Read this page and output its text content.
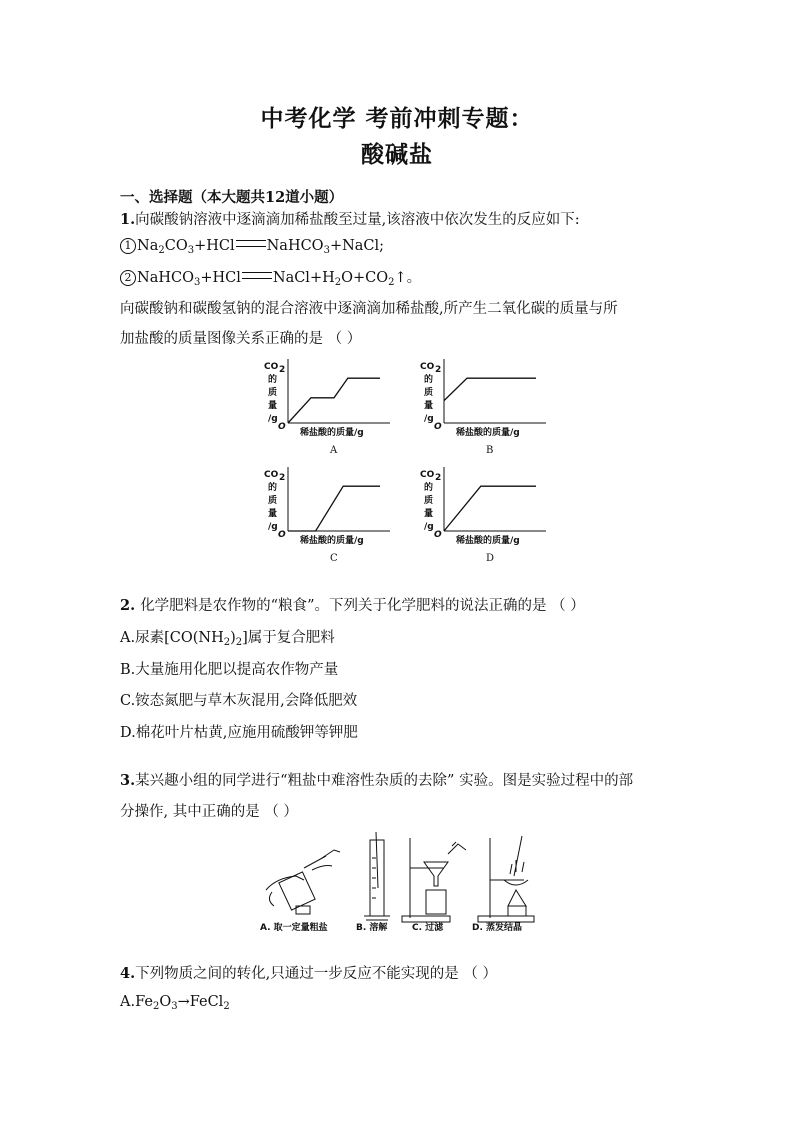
中考化学 考前冲刺专题：
酸碱盐
一、选择题（本大题共12道小题）
1.向碳酸钠溶液中逐滴滴加稀盐酸至过量,该溶液中依次发生的反应如下:
1 $Na_2CO_3+HCl$ NaHCO$_3$+NaCl;
2 NaHCO$_3$+HCl $NaCl+H_2O+CO_2↑$。
向碳酸钠和碳酸氢钠的混合溶液中逐滴滴加稀盐酸,所产生二氧化碳的质量与所
加盐酸的质量图像关系正确的是 （ ）
CO 2
的
质
量
/g
O
稀盐酸的质量/g
A
CO 2
的
质
量
/g
O
稀盐酸的质量/g
B
CO 2
的
质
量
/g
O
稀盐酸的质量/g
C
CO 2
的
质
量
/g
O
稀盐酸的质量/g
D
2. 化学肥料是农作物的“粮食”。下列关于化学肥料的说法正确的是 （ ）
A.尿素$[CO(NH_2)_2]$属于复合肥料
B.大量施用化肥以提高农作物产量
C.铵态氮肥与草木灰混用,会降低肥效
D.棉花叶片枯黄,应施用硫酸钾等钾肥
3.某兴趣小组的同学进行“粗盐中难溶性杂质的去除” 实验。图是实验过程中的部
分操作, 其中正确的是 （ ）
A. 取一定量粗盐	B. 溶解	C. 过滤	D. 蒸发结晶
4.下列物质之间的转化,只通过一步反应不能实现的是 （ ）
$A.Fe_2O_3\to FeCl_2$
